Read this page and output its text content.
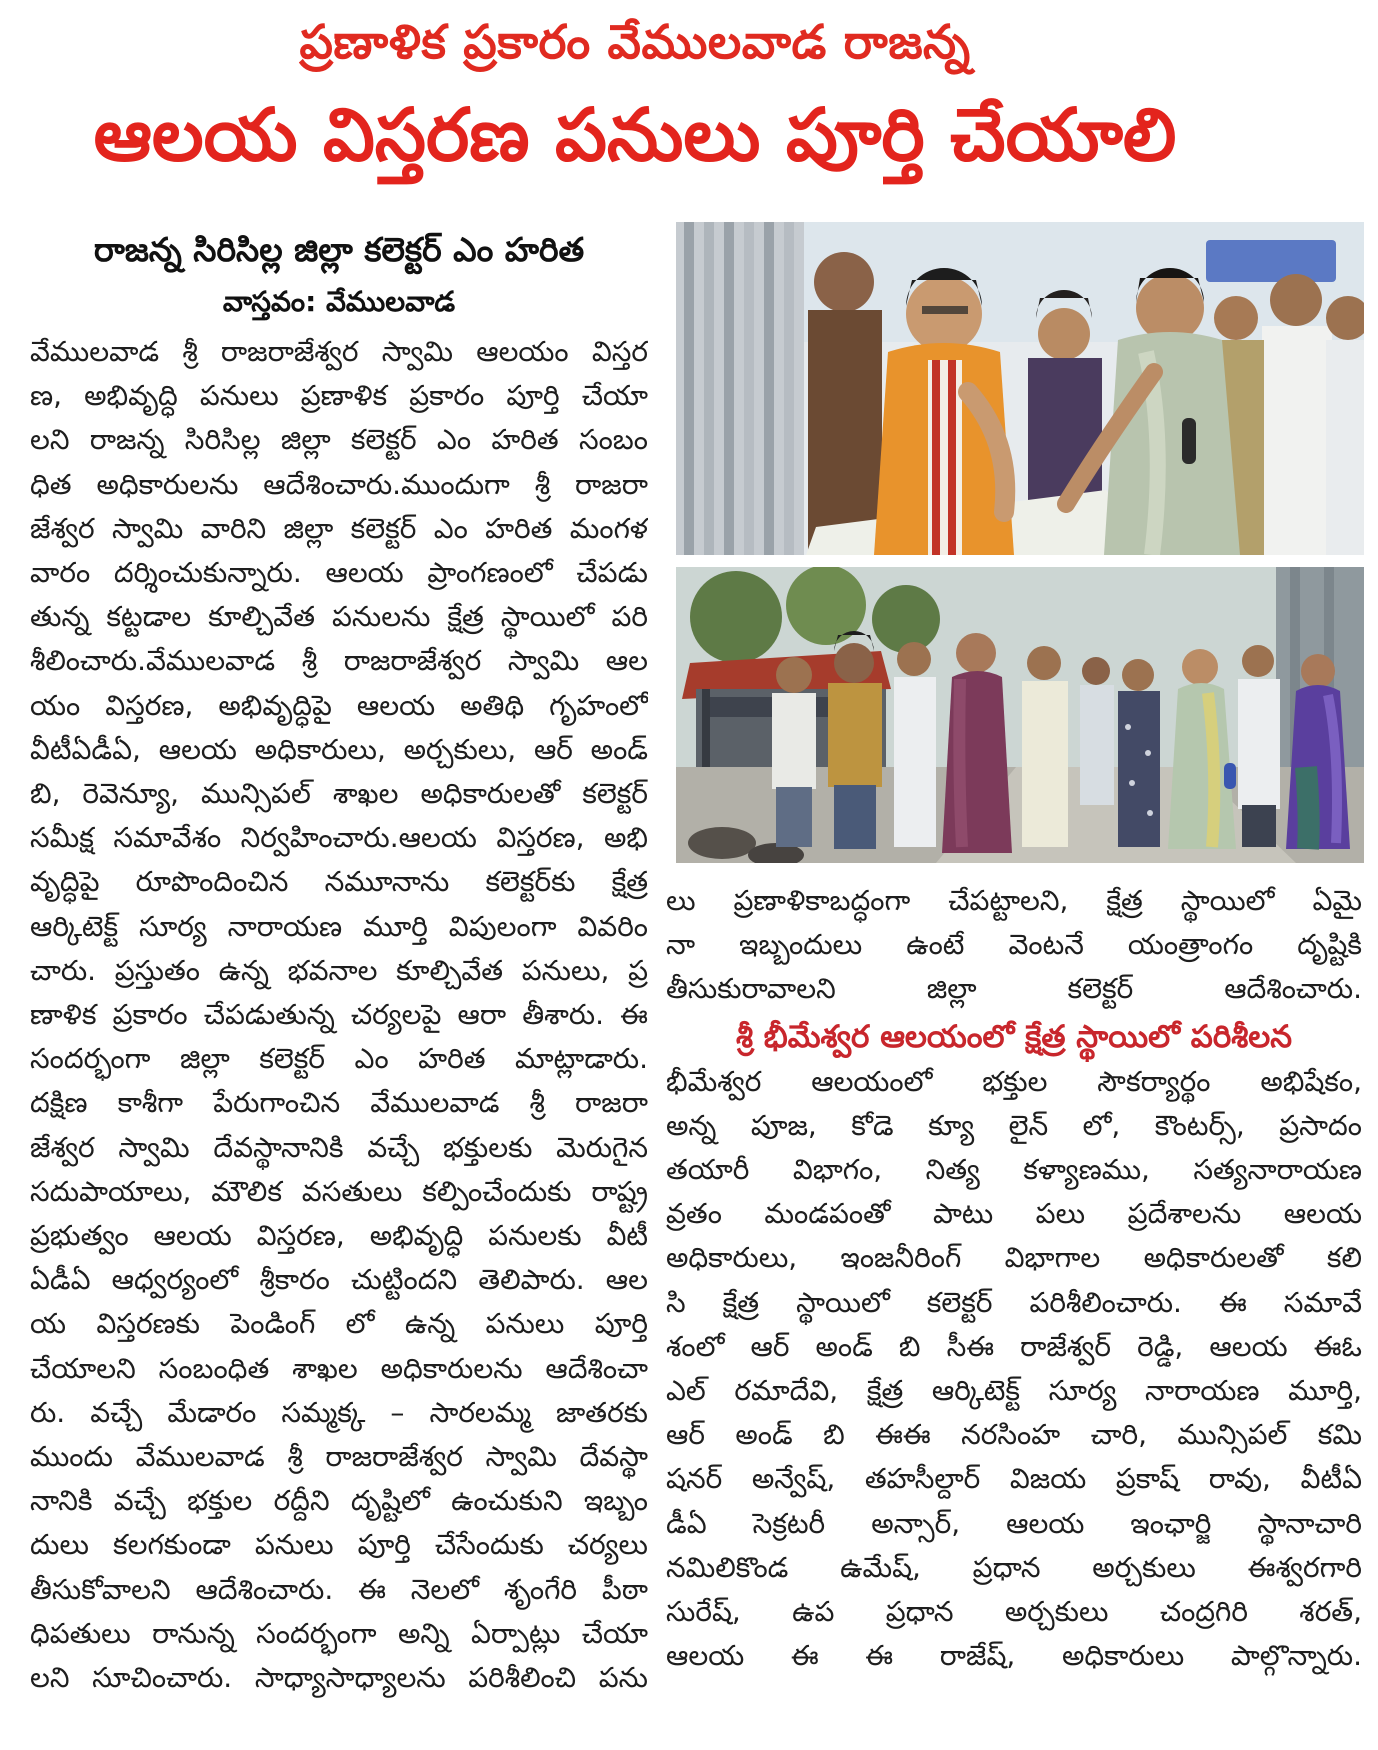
ప్రణాళిక ప్రకారం వేములవాడ రాజన్న
ఆలయ విస్తరణ పనులు పూర్తి చేయాలి
రాజన్న సిరిసిల్ల జిల్లా కలెక్టర్ ఎం హరిత
వాస్తవం: వేములవాడ
వేములవాడ శ్రీ రాజరాజేశ్వర స్వామి ఆలయం విస్తర
ణ, అభివృద్ధి పనులు ప్రణాళిక ప్రకారం పూర్తి చేయా
లని రాజన్న సిరిసిల్ల జిల్లా కలెక్టర్ ఎం హరిత సంబం
ధిత అధికారులను ఆదేశించారు.ముందుగా శ్రీ రాజరా
జేశ్వర స్వామి వారిని జిల్లా కలెక్టర్ ఎం హరిత మంగళ
వారం దర్శించుకున్నారు. ఆలయ ప్రాంగణంలో చేపడు
తున్న కట్టడాల కూల్చివేత పనులను క్షేత్ర స్థాయిలో పరి
శీలించారు.వేములవాడ శ్రీ రాజరాజేశ్వర స్వామి ఆల
యం విస్తరణ, అభివృద్ధిపై ఆలయ అతిథి గృహంలో
వీటీఏడీఏ, ఆలయ అధికారులు, అర్చకులు, ఆర్ అండ్
బి, రెవెన్యూ, మున్సిపల్ శాఖల అధికారులతో కలెక్టర్
సమీక్ష సమావేశం నిర్వహించారు.ఆలయ విస్తరణ, అభి
వృద్ధిపై రూపొందించిన నమూనాను కలెక్టర్‌కు క్షేత్ర
ఆర్కిటెక్ట్ సూర్య నారాయణ మూర్తి విపులంగా వివరిం
చారు. ప్రస్తుతం ఉన్న భవనాల కూల్చివేత పనులు, ప్ర
ణాళిక ప్రకారం చేపడుతున్న చర్యలపై ఆరా తీశారు. ఈ
సందర్భంగా జిల్లా కలెక్టర్ ఎం హరిత మాట్లాడారు.
దక్షిణ కాశీగా పేరుగాంచిన వేములవాడ శ్రీ రాజరా
జేశ్వర స్వామి దేవస్థానానికి వచ్చే భక్తులకు మెరుగైన
సదుపాయాలు, మౌలిక వసతులు కల్పించేందుకు రాష్ట్ర
ప్రభుత్వం ఆలయ విస్తరణ, అభివృద్ధి పనులకు వీటీ
ఏడీఏ ఆధ్వర్యంలో శ్రీకారం చుట్టిందని తెలిపారు. ఆల
య విస్తరణకు పెండింగ్ లో ఉన్న పనులు పూర్తి
చేయాలని సంబంధిత శాఖల అధికారులను ఆదేశించా
రు. వచ్చే మేడారం సమ్మక్క – సారలమ్మ జాతరకు
ముందు వేములవాడ శ్రీ రాజరాజేశ్వర స్వామి దేవస్థా
నానికి వచ్చే భక్తుల రద్దీని దృష్టిలో ఉంచుకుని ఇబ్బం
దులు కలగకుండా పనులు పూర్తి చేసేందుకు చర్యలు
తీసుకోవాలని ఆదేశించారు. ఈ నెలలో శృంగేరి పీఠా
ధిపతులు రానున్న సందర్భంగా అన్ని ఏర్పాట్లు చేయా
లని సూచించారు. సాధ్యాసాధ్యాలను పరిశీలించి పను
లు ప్రణాళికాబద్ధంగా చేపట్టాలని, క్షేత్ర స్థాయిలో ఏమై
నా ఇబ్బందులు ఉంటే వెంటనే యంత్రాంగం దృష్టికి
తీసుకురావాలని జిల్లా కలెక్టర్ ఆదేశించారు.
శ్రీ భీమేశ్వర ఆలయంలో క్షేత్ర స్థాయిలో పరిశీలన
భీమేశ్వర ఆలయంలో భక్తుల సౌకర్యార్థం అభిషేకం,
అన్న పూజ, కోడె క్యూ లైన్ లో, కౌంటర్స్, ప్రసాదం
తయారీ విభాగం, నిత్య కళ్యాణము, సత్యనారాయణ
వ్రతం మండపంతో పాటు పలు ప్రదేశాలను ఆలయ
అధికారులు, ఇంజనీరింగ్ విభాగాల అధికారులతో కలి
సి క్షేత్ర స్థాయిలో కలెక్టర్ పరిశీలించారు. ఈ సమావే
శంలో ఆర్ అండ్ బి సీఈ రాజేశ్వర్ రెడ్డి, ఆలయ ఈఓ
ఎల్ రమాదేవి, క్షేత్ర ఆర్కిటెక్ట్ సూర్య నారాయణ మూర్తి,
ఆర్ అండ్ బి ఈఈ నరసింహ చారి, మున్సిపల్ కమి
షనర్ అన్వేష్, తహసీల్దార్ విజయ ప్రకాష్ రావు, వీటీఏ
డీఏ సెక్రటరీ అన్సార్, ఆలయ ఇంఛార్జి స్థానాచారి
నమిలికొండ ఉమేష్, ప్రధాన అర్చకులు ఈశ్వరగారి
సురేష్, ఉప ప్రధాన అర్చకులు చంద్రగిరి శరత్,
ఆలయ ఈ ఈ రాజేష్, అధికారులు పాల్గొన్నారు.
